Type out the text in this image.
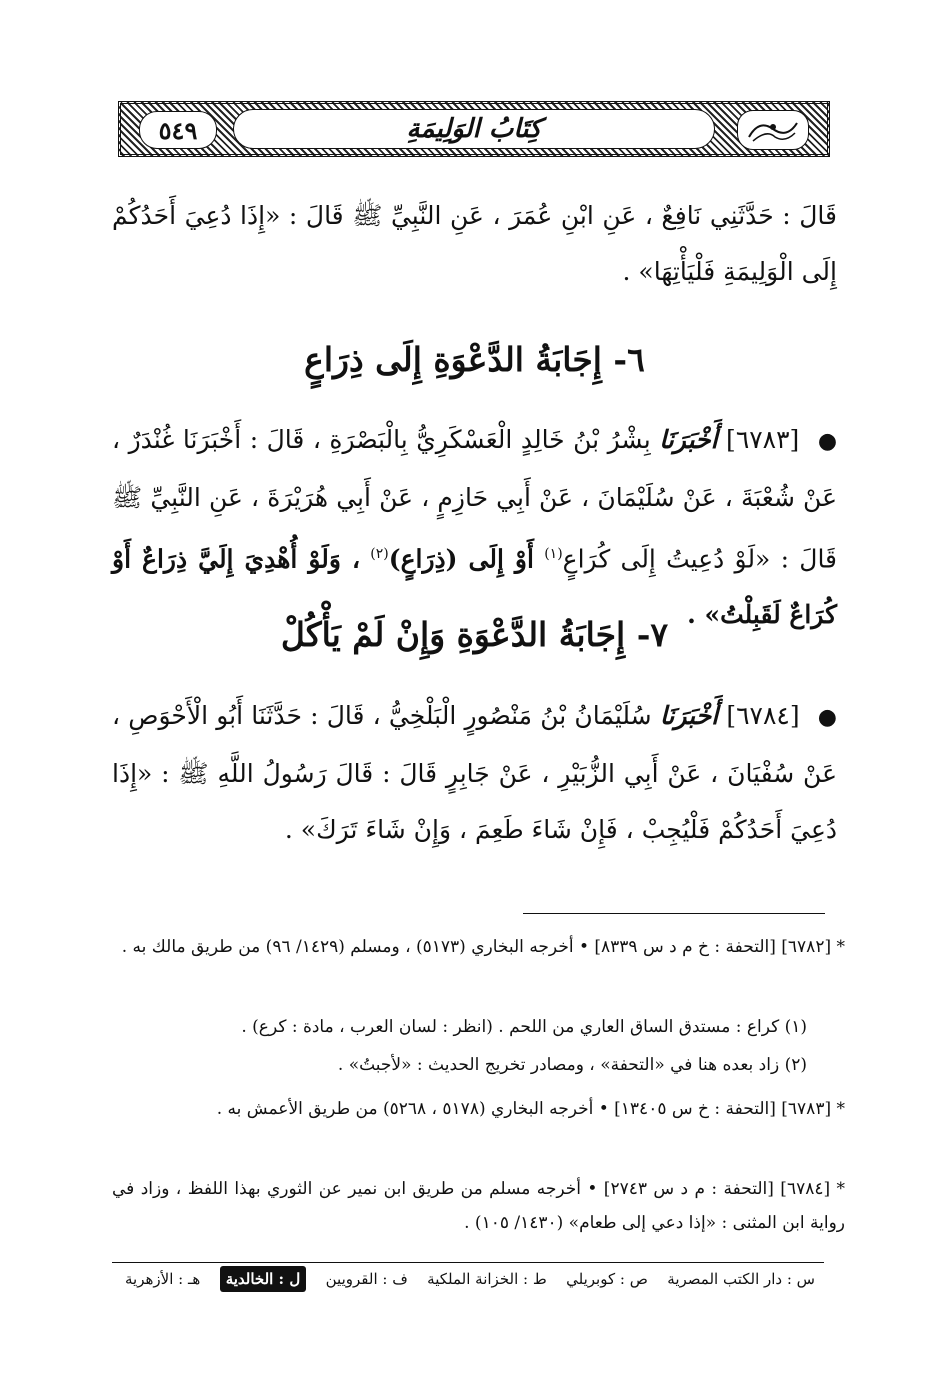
كِتَابُ الوَلِيمَةِ
٥٤٩

قَالَ : حَدَّثَنِي نَافِعٌ ، عَنِ ابْنِ عُمَرَ ، عَنِ النَّبِيِّ ﷺ قَالَ : «إِذَا دُعِيَ أَحَدُكُمْ إِلَى الْوَلِيمَةِ فَلْيَأْتِهَا» .

٦- إِجَابَةُ الدَّعْوَةِ إِلَى ذِرَاعٍ

● [٦٧٨٣] أَخْبَرَنَا بِشْرُ بْنُ خَالِدٍ الْعَسْكَرِيُّ بِالْبَصْرَةِ ، قَالَ : أَخْبَرَنَا غُنْدَرٌ ، عَنْ شُعْبَةَ ، عَنْ سُلَيْمَانَ ، عَنْ أَبِي حَازِمٍ ، عَنْ أَبِي هُرَيْرَةَ ، عَنِ النَّبِيِّ ﷺ قَالَ : «لَوْ دُعِيتُ إِلَى كُرَاعٍ$^{(١)}$ أَوْ إِلَى (ذِرَاعٍ)$^{(٢)}$ ، وَلَوْ أُهْدِيَ إِلَيَّ ذِرَاعٌ أَوْ كُرَاعٌ لَقَبِلْتُ» .

٧- إِجَابَةُ الدَّعْوَةِ وَإِنْ لَمْ يَأْكُلْ

● [٦٧٨٤] أَخْبَرَنَا سُلَيْمَانُ بْنُ مَنْصُورٍ الْبَلْخِيُّ ، قَالَ : حَدَّثَنَا أَبُو الْأَحْوَصِ ، عَنْ سُفْيَانَ ، عَنْ أَبِي الزُّبَيْرِ ، عَنْ جَابِرٍ قَالَ : قَالَ رَسُولُ اللَّهِ ﷺ : «إِذَا دُعِيَ أَحَدُكُمْ فَلْيُجِبْ ، فَإِنْ شَاءَ طَعِمَ ، وَإِنْ شَاءَ تَرَكَ» .

* [٦٧٨٢] [التحفة : خ م د س ٨٣٣٩] • أخرجه البخاري (٥١٧٣) ، ومسلم (١٤٢٩/ ٩٦) من طريق مالك به .
(١) كراع : مستدق الساق العاري من اللحم . (انظر : لسان العرب ، مادة : كرع) .
(٢) زاد بعده هنا في «التحفة» ، ومصادر تخريج الحديث : «لأجبتُ» .
* [٦٧٨٣] [التحفة : خ س ١٣٤٠٥] • أخرجه البخاري (٥١٧٨ ، ٥٢٦٨) من طريق الأعمش به .
* [٦٧٨٤] [التحفة : م د س ٢٧٤٣] • أخرجه مسلم من طريق ابن نمير عن الثوري بهذا اللفظ ، وزاد في رواية ابن المثنى : «إذا دعي إلى طعام» (١٤٣٠/ ١٠٥) .
س : دار الكتب المصرية
ص : كوبريلي
ط : الخزانة الملكية
ف : القرويين
ل : الخالدية
هـ : الأزهرية
